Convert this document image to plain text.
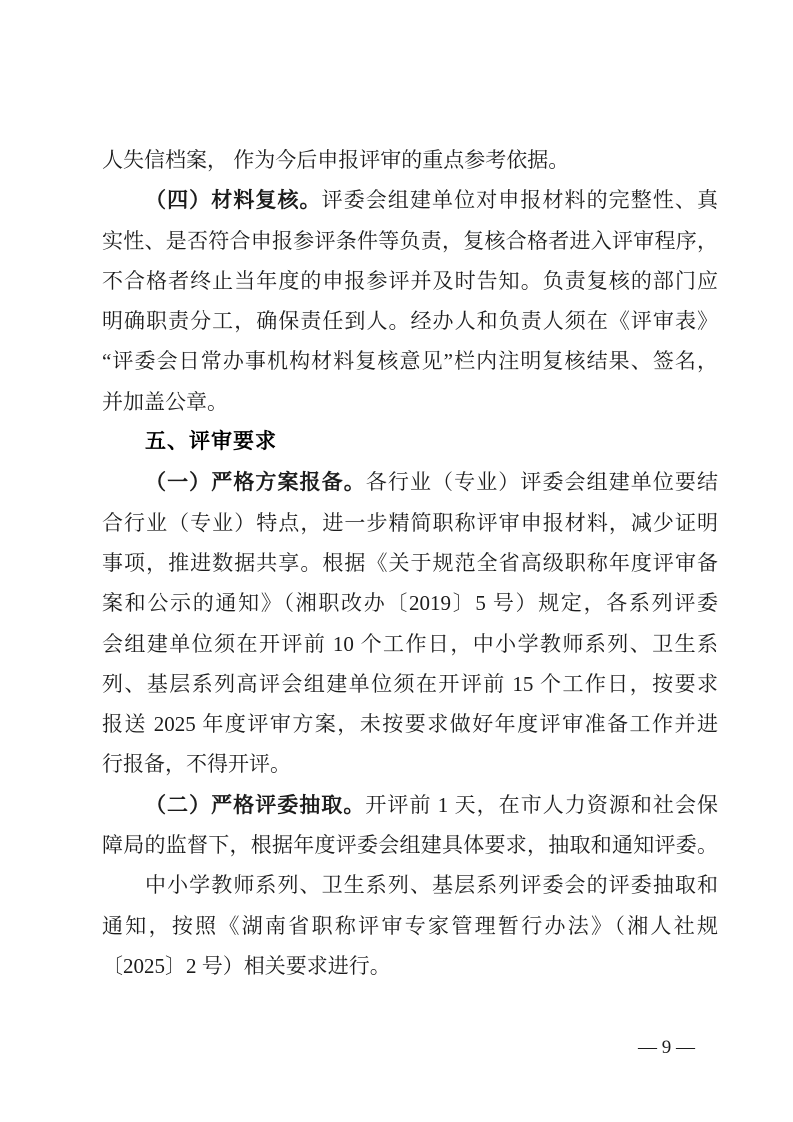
人失信档案， 作为今后申报评审的重点参考依据。
（四）材料复核。评委会组建单位对申报材料的完整性、真
实性、是否符合申报参评条件等负责，复核合格者进入评审程序，
不合格者终止当年度的申报参评并及时告知。负责复核的部门应
明确职责分工，确保责任到人。经办人和负责人须在《评审表》
“评委会日常办事机构材料复核意见”栏内注明复核结果、签名，
并加盖公章。
五、评审要求
（一）严格方案报备。各行业（专业）评委会组建单位要结
合行业（专业）特点，进一步精简职称评审申报材料，减少证明
事项，推进数据共享。根据《关于规范全省高级职称年度评审备
案和公示的通知》（湘职改办〔2019〕5 号）规定，各系列评委
会组建单位须在开评前 10 个工作日，中小学教师系列、卫生系
列、基层系列高评会组建单位须在开评前 15 个工作日，按要求
报送 2025 年度评审方案，未按要求做好年度评审准备工作并进
行报备，不得开评。
（二）严格评委抽取。开评前 1 天，在市人力资源和社会保
障局的监督下，根据年度评委会组建具体要求，抽取和通知评委。
中小学教师系列、卫生系列、基层系列评委会的评委抽取和
通知，按照《湖南省职称评审专家管理暂行办法》（湘人社规
〔2025〕2 号）相关要求进行。
— 9 —
